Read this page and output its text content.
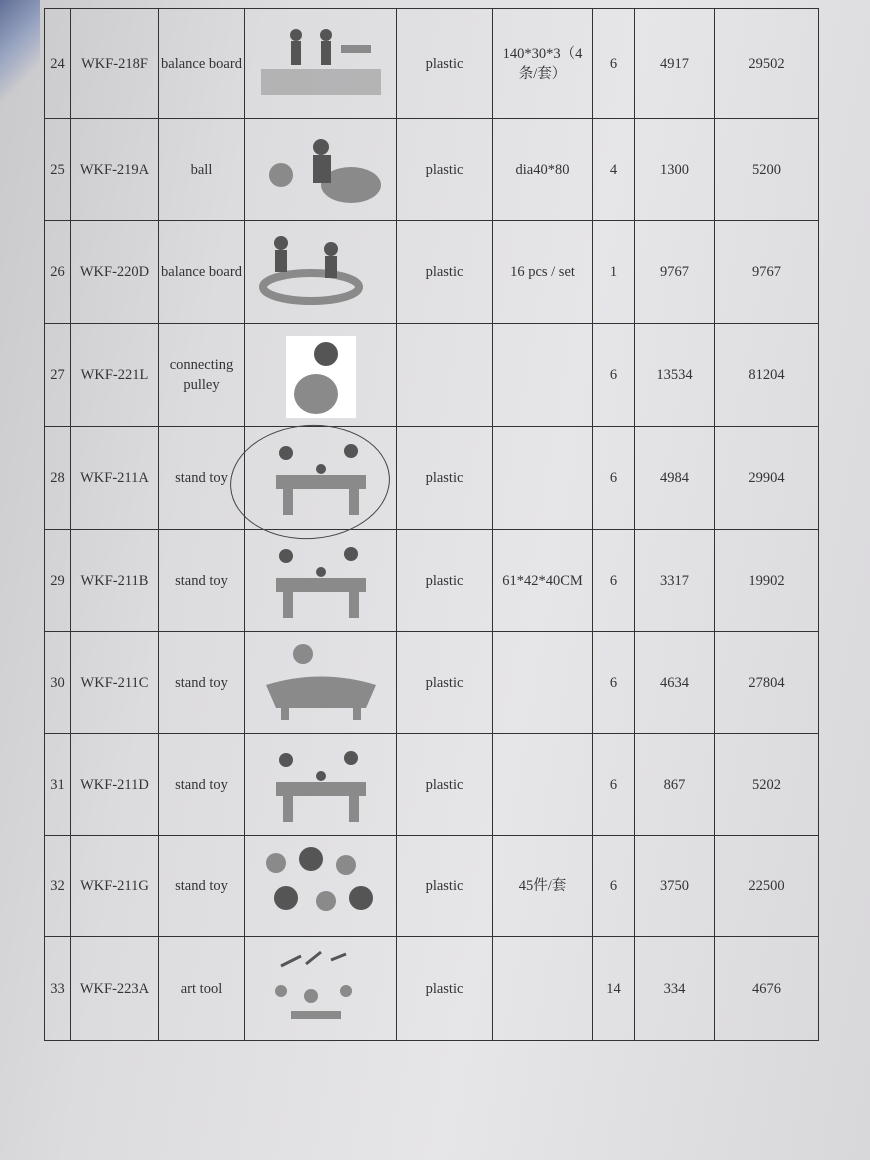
24	WKF-218F	balance board		plastic	140*30*3（4条/套）	6	4917	29502
25	WKF-219A	ball		plastic	dia40*80	4	1300	5200
26	WKF-220D	balance board		plastic	16 pcs / set	1	9767	9767
27	WKF-221L	connecting pulley				6	13534	81204
28	WKF-211A	stand toy		plastic		6	4984	29904
29	WKF-211B	stand toy		plastic	61*42*40CM	6	3317	19902
30	WKF-211C	stand toy		plastic		6	4634	27804
31	WKF-211D	stand toy		plastic		6	867	5202
32	WKF-211G	stand toy		plastic	45件/套	6	3750	22500
33	WKF-223A	art tool		plastic		14	334	4676
